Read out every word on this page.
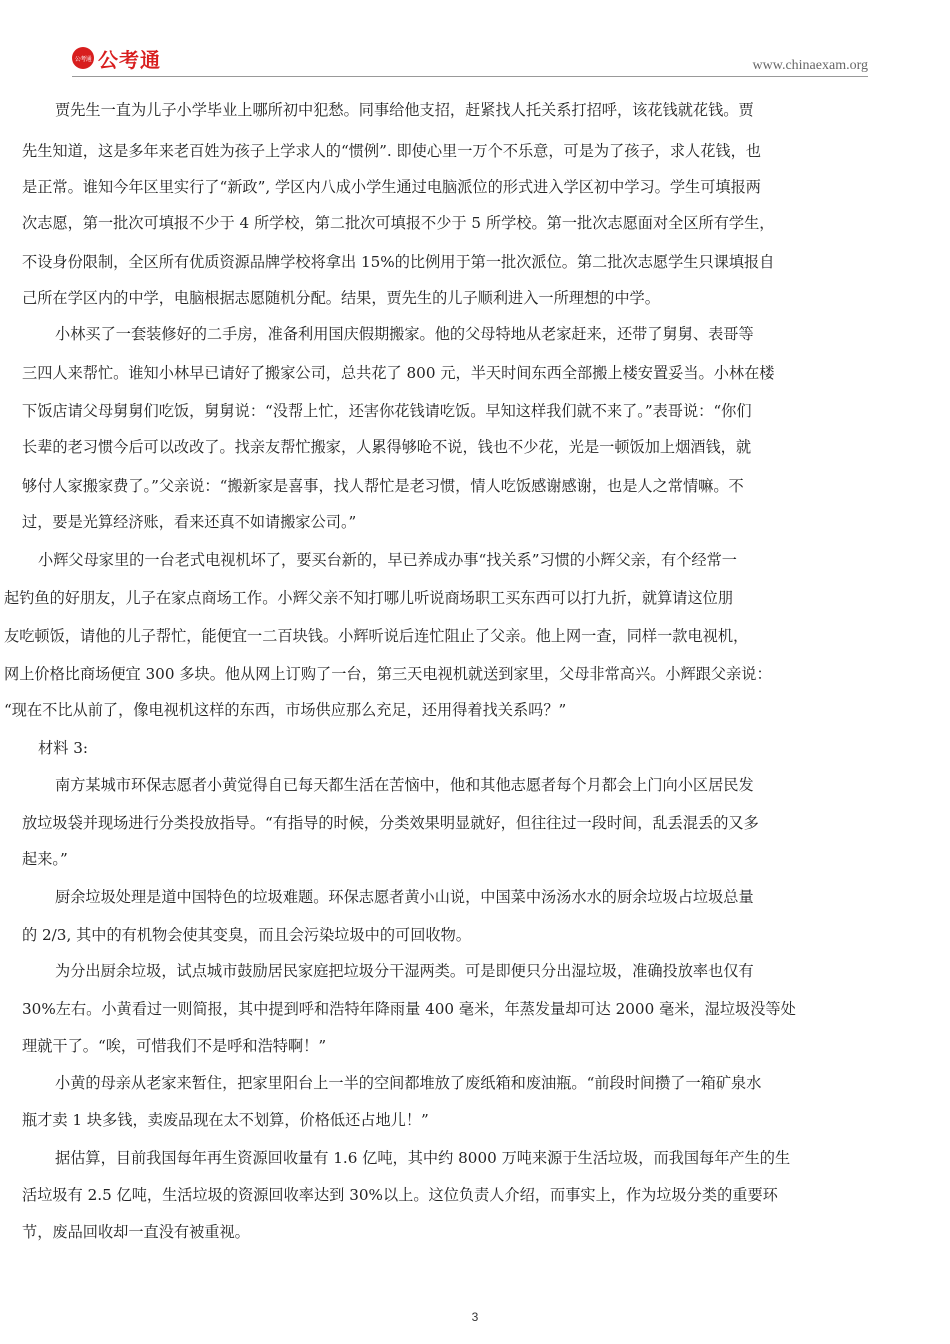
公考通 公考通	www.chinaexam.org
贾先生一直为儿子小学毕业上哪所初中犯愁。同事给他支招，赶紧找人托关系打招呼，该花钱就花钱。贾
先生知道，这是多年来老百姓为孩子上学求人的“惯例”. 即使心里一万个不乐意，可是为了孩子，求人花钱，也
是正常。谁知今年区里实行了“新政”, 学区内八成小学生通过电脑派位的形式进入学区初中学习。学生可填报两
次志愿，第一批次可填报不少于 4 所学校，第二批次可填报不少于 5 所学校。第一批次志愿面对全区所有学生，
不设身份限制，全区所有优质资源品牌学校将拿出 15%的比例用于第一批次派位。第二批次志愿学生只课填报自
己所在学区内的中学，电脑根据志愿随机分配。结果，贾先生的儿子顺利进入一所理想的中学。
小林买了一套装修好的二手房，准备利用国庆假期搬家。他的父母特地从老家赶来，还带了舅舅、表哥等
三四人来帮忙。谁知小林早已请好了搬家公司，总共花了 800 元，半天时间东西全部搬上楼安置妥当。小林在楼
下饭店请父母舅舅们吃饭，舅舅说：“没帮上忙，还害你花钱请吃饭。早知这样我们就不来了。”表哥说：“你们
长辈的老习惯今后可以改改了。找亲友帮忙搬家，人累得够呛不说，钱也不少花，光是一顿饭加上烟酒钱，就
够付人家搬家费了。”父亲说：“搬新家是喜事，找人帮忙是老习惯，情人吃饭感谢感谢，也是人之常情嘛。不
过，要是光算经济账，看来还真不如请搬家公司。”
小辉父母家里的一台老式电视机坏了，要买台新的，早已养成办事“找关系”习惯的小辉父亲，有个经常一
起钓鱼的好朋友，儿子在家点商场工作。小辉父亲不知打哪儿听说商场职工买东西可以打九折，就算请这位朋
友吃顿饭，请他的儿子帮忙，能便宜一二百块钱。小辉听说后连忙阻止了父亲。他上网一查，同样一款电视机，
网上价格比商场便宜 300 多块。他从网上订购了一台，第三天电视机就送到家里，父母非常高兴。小辉跟父亲说：
“现在不比从前了，像电视机这样的东西，市场供应那么充足，还用得着找关系吗？”
材料 3:
南方某城市环保志愿者小黄觉得自已每天都生活在苦恼中，他和其他志愿者每个月都会上门向小区居民发
放垃圾袋并现场进行分类投放指导。“有指导的时候，分类效果明显就好，但往往过一段时间，乱丢混丢的又多
起来。”
厨余垃圾处理是道中国特色的垃圾难题。环保志愿者黄小山说，中国菜中汤汤水水的厨余垃圾占垃圾总量
的 2/3, 其中的有机物会使其变臭，而且会污染垃圾中的可回收物。
为分出厨余垃圾，试点城市鼓励居民家庭把垃圾分干湿两类。可是即便只分出湿垃圾，准确投放率也仅有
30%左右。小黄看过一则简报，其中提到呼和浩特年降雨量 400 毫米，年蒸发量却可达 2000 毫米，湿垃圾没等处
理就干了。“唉，可惜我们不是呼和浩特啊！”
小黄的母亲从老家来暂住，把家里阳台上一半的空间都堆放了废纸箱和废油瓶。“前段时间攒了一箱矿泉水
瓶才卖 1 块多钱，卖废品现在太不划算，价格低还占地儿！”
据估算，目前我国每年再生资源回收量有 1.6 亿吨，其中约 8000 万吨来源于生活垃圾，而我国每年产生的生
活垃圾有 2.5 亿吨，生活垃圾的资源回收率达到 30%以上。这位负责人介绍，而事实上，作为垃圾分类的重要环
节，废品回收却一直没有被重视。
3
